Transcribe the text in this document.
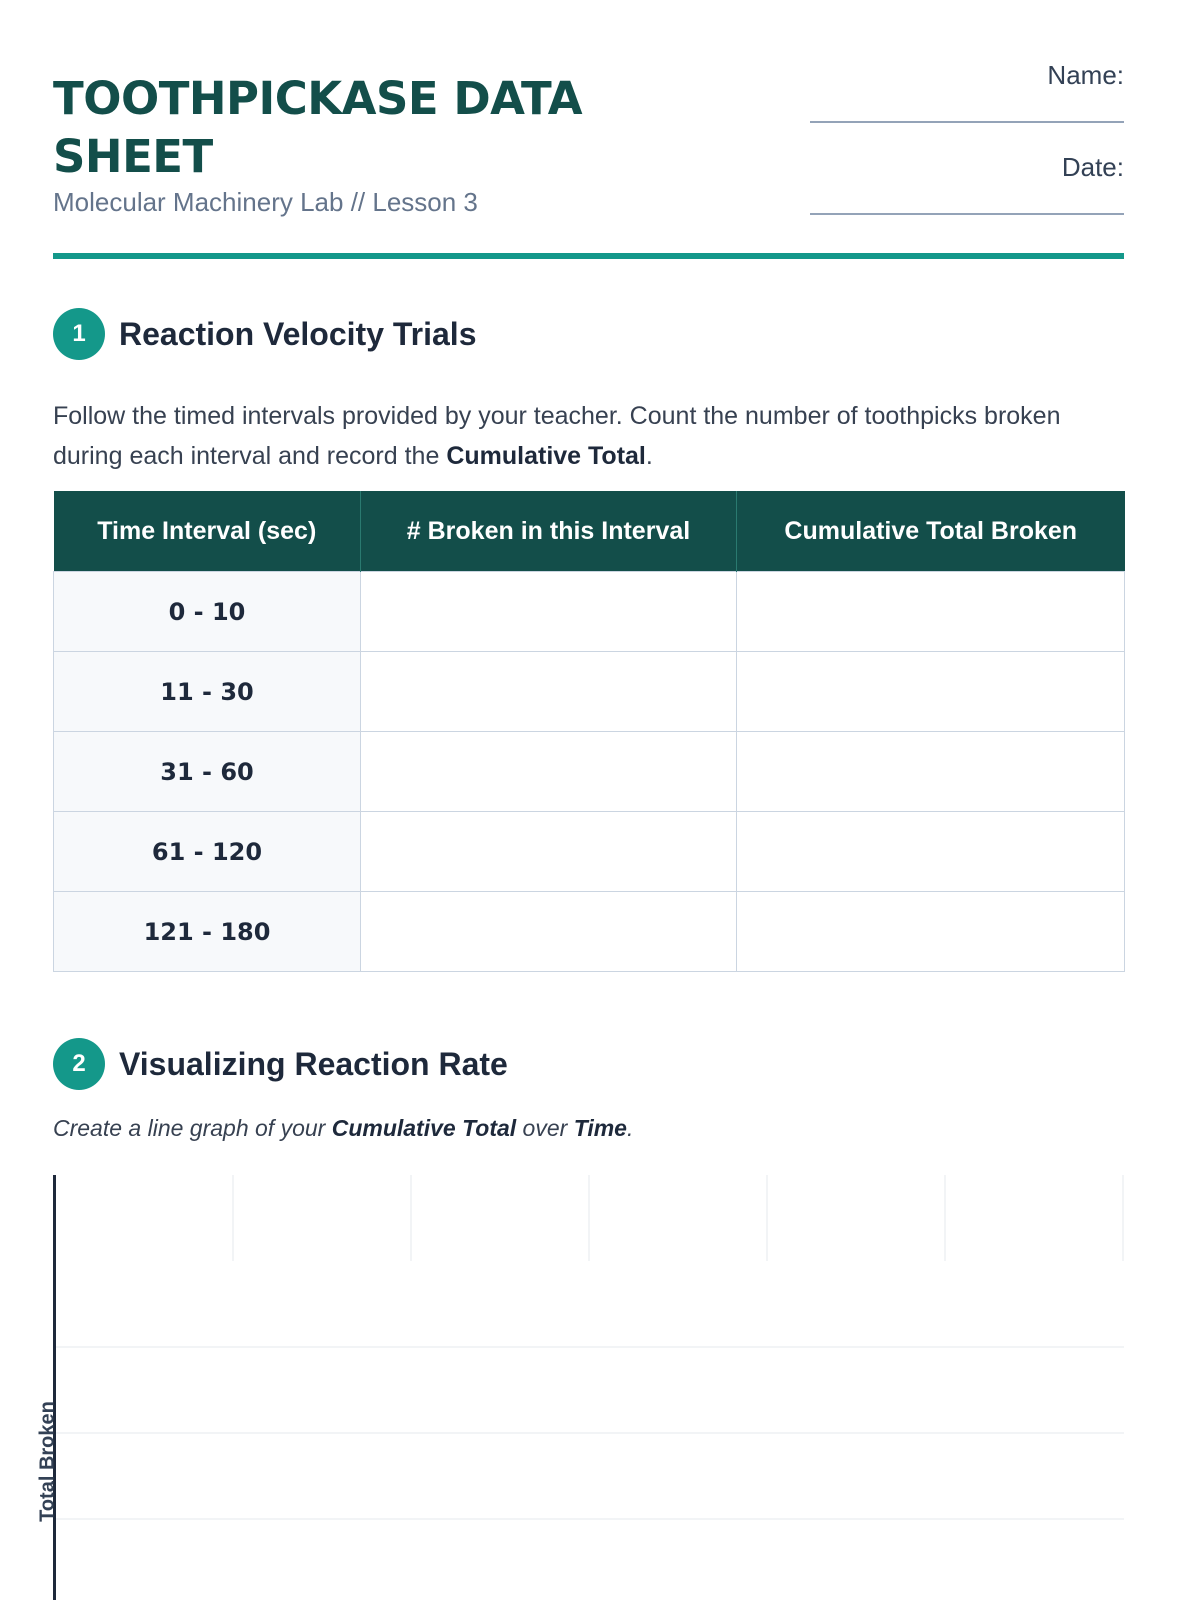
TOOTHPICKASE DATA SHEET
Molecular Machinery Lab // Lesson 3
Name:
Date:
1	Reaction Velocity Trials

Follow the timed intervals provided by your teacher. Count the number of toothpicks broken during each interval and record the Cumulative Total.

Time Interval (sec)	# Broken in this Interval	Cumulative Total Broken
0 - 10		
11 - 30		
31 - 60		
61 - 120		
121 - 180		
2	Visualizing Reaction Rate
Create a line graph of your Cumulative Total over Time.
Total Broken
